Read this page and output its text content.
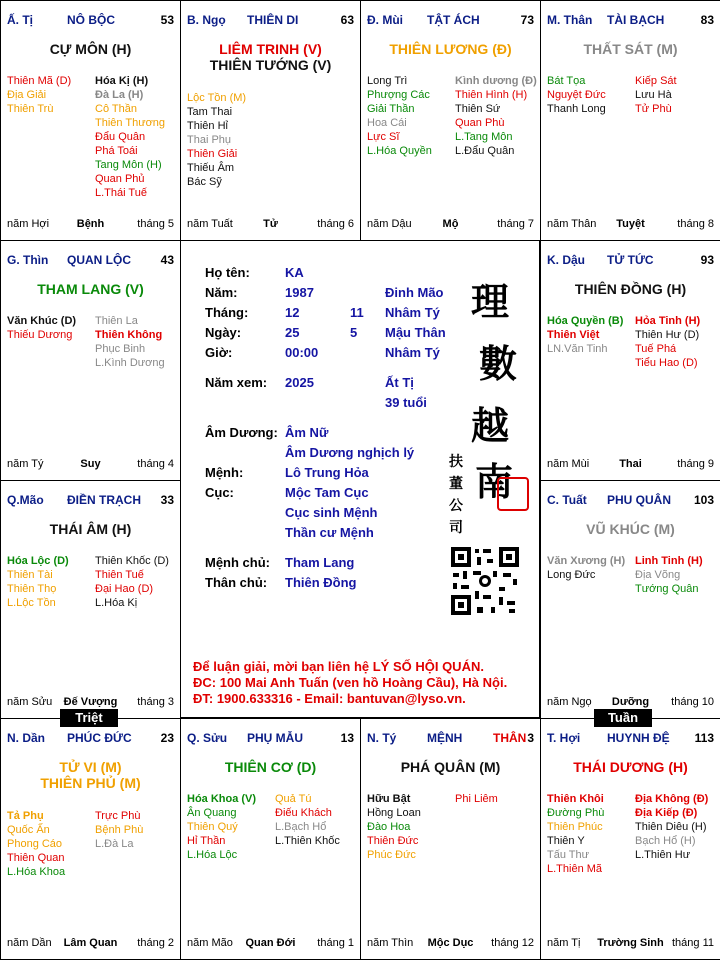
Ấ. Tị	NÔ BỘC	53
CỰ MÔN (H)
Thiên Mã (D)
Địa Giải
Thiên Trù
Hóa Kị (H)
Đà La (H)
Cô Thần
Thiên Thương
Đẩu Quân
Phá Toái
Tang Môn (H)
Quan Phủ
L.Thái Tuế
năm Hợi	Bệnh	tháng 5
B. Ngọ THIÊN DI	63
LIÊM TRINH (V)
THIÊN TƯỚNG (V)
Lộc Tồn (M)
Tam Thai
Thiên Hỉ
Thai Phụ
Thiên Giải
Thiếu Âm
Bác Sỹ
năm Tuất	Tử	tháng 6
Đ. Mùi TẬT ÁCH	73
THIÊN LƯƠNG (Đ)
Long Trì
Phượng Các
Giải Thần
Hoa Cái
Lực Sĩ
L.Hóa Quyền
Kình dương (Đ)
Thiên Hình (H)
Thiên Sứ
Quan Phù
L.Tang Môn
L.Đẩu Quân
năm Dậu	Mộ	tháng 7
M. Thân TÀI BẠCH	83
THẤT SÁT (M)
Bát Tọa
Nguyệt Đức
Thanh Long
Kiếp Sát
Lưu Hà
Tử Phù
năm Thân Tuyệt	tháng 8
G. Thìn QUAN LỘC 43
THAM LANG (V)
Văn Khúc (D)
Thiếu Dương
Thiên La
Thiên Không
Phục Binh
L.Kình Dương
năm Tý	Suy	tháng 4
K. Dậu TỬ TỨC	93
THIÊN ĐỒNG (H)
Hóa Quyền (B)
Thiên Việt
LN.Văn Tinh
Hỏa Tinh (H)
Thiên Hư (D)
Tuế Phá
Tiểu Hao (D)
năm Mùi	Thai	tháng 9
Q.Mão ĐIỀN TRẠCH 33
THÁI ÂM (H)
Hóa Lộc (D)
Thiên Tài
Thiên Thọ
L.Lộc Tồn
Thiên Khốc (D)
Thiên Tuế
Đại Hao (D)
L.Hóa Kị
năm Sửu Đế Vượng tháng 3
C. Tuất PHU QUÂN 103
VŨ KHÚC (M)
Văn Xương (H)
Long Đức
Linh Tinh (H)
Địa Võng
Tướng Quân
năm Ngọ Dưỡng tháng 10
N. Dần PHÚC ĐỨC 23
TỬ VI (M)
THIÊN PHỦ (M)
Tả Phụ
Quốc Ấn
Phong Cáo
Thiên Quan
L.Hóa Khoa
Trực Phù
Bệnh Phù
L.Đà La
năm Dần Lâm Quan tháng 2
Q. Sửu PHỤ MẪU	13
THIÊN CƠ (D)
Hóa Khoa (V)
Ân Quang
Thiên Quý
Hỉ Thần
L.Hóa Lộc
Quả Tú
Điếu Khách
L.Bạch Hổ
L.Thiên Khốc
năm Mão Quan Đới tháng 1
N. Tý	MỆNH	THÂN 3
PHÁ QUÂN (M)
Hữu Bật
Hồng Loan
Đào Hoa
Thiên Đức
Phúc Đức
Phi Liêm
năm Thìn Mộc Dục tháng 12
T. Hợi HUYNH ĐỆ 113
THÁI DƯƠNG (H)
Thiên Khôi
Đường Phù
Thiên Phúc
Thiên Y
Tấu Thư
L.Thiên Mã
Địa Không (Đ)
Địa Kiếp (Đ)
Thiên Diêu (H)
Bạch Hổ (H)
L.Thiên Hư
năm Tị Trường Sinh tháng 11
Họ tên:	KA
Năm:	1987	Đinh Mão
Tháng:	12	11 Nhâm Tý
Ngày:	25	5 Mậu Thân
Giờ:	00:00	Nhâm Tý
Năm xem: 2025	Ất Tị
39 tuổi
Âm Dương: Âm Nữ
Âm Dương nghịch lý
Mệnh:	Lô Trung Hỏa
Cục:	Mộc Tam Cục
Cục sinh Mệnh
Thần cư Mệnh
Mệnh chủ: Tham Lang
Thân chủ: Thiên Đồng
理
數
越
南
扶
董
公
司
Để luận giải, mời bạn liên hệ LÝ SỐ HỘI QUÁN.
ĐC: 100 Mai Anh Tuấn (ven hồ Hoàng Cầu), Hà Nội.
ĐT: 1900.633316 - Email: bantuvan@lyso.vn.
Triệt	Tuần
